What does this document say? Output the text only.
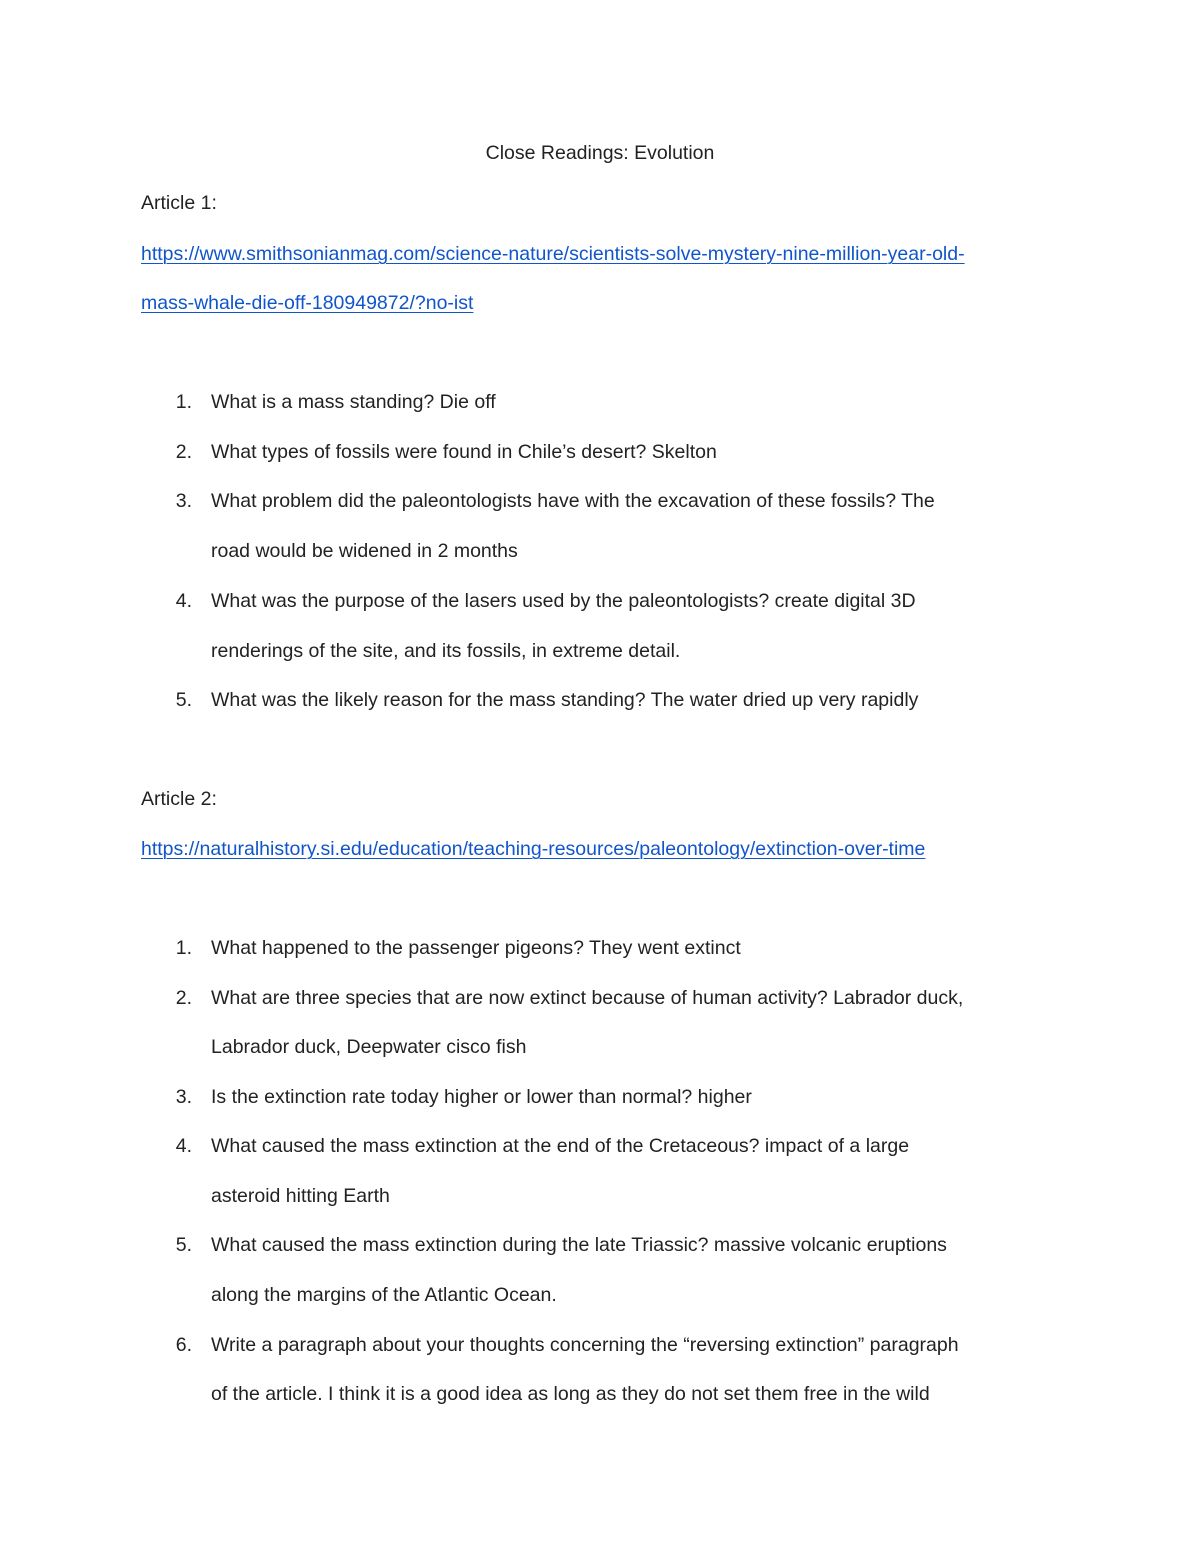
Close Readings: Evolution
Article 1:
https://www.smithsonianmag.com/science-nature/scientists-solve-mystery-nine-million-year-old-
mass-whale-die-off-180949872/?no-ist
1. What is a mass standing? Die off
2. What types of fossils were found in Chile’s desert? Skelton
3. What problem did the paleontologists have with the excavation of these fossils? The
road would be widened in 2 months
4. What was the purpose of the lasers used by the paleontologists? create digital 3D
renderings of the site, and its fossils, in extreme detail.
5. What was the likely reason for the mass standing? The water dried up very rapidly
Article 2:
https://naturalhistory.si.edu/education/teaching-resources/paleontology/extinction-over-time
1. What happened to the passenger pigeons? They went extinct
2. What are three species that are now extinct because of human activity? Labrador duck,
Labrador duck, Deepwater cisco fish
3. Is the extinction rate today higher or lower than normal? higher
4. What caused the mass extinction at the end of the Cretaceous? impact of a large
asteroid hitting Earth
5. What caused the mass extinction during the late Triassic? massive volcanic eruptions
along the margins of the Atlantic Ocean.
6. Write a paragraph about your thoughts concerning the “reversing extinction” paragraph
of the article. I think it is a good idea as long as they do not set them free in the wild
